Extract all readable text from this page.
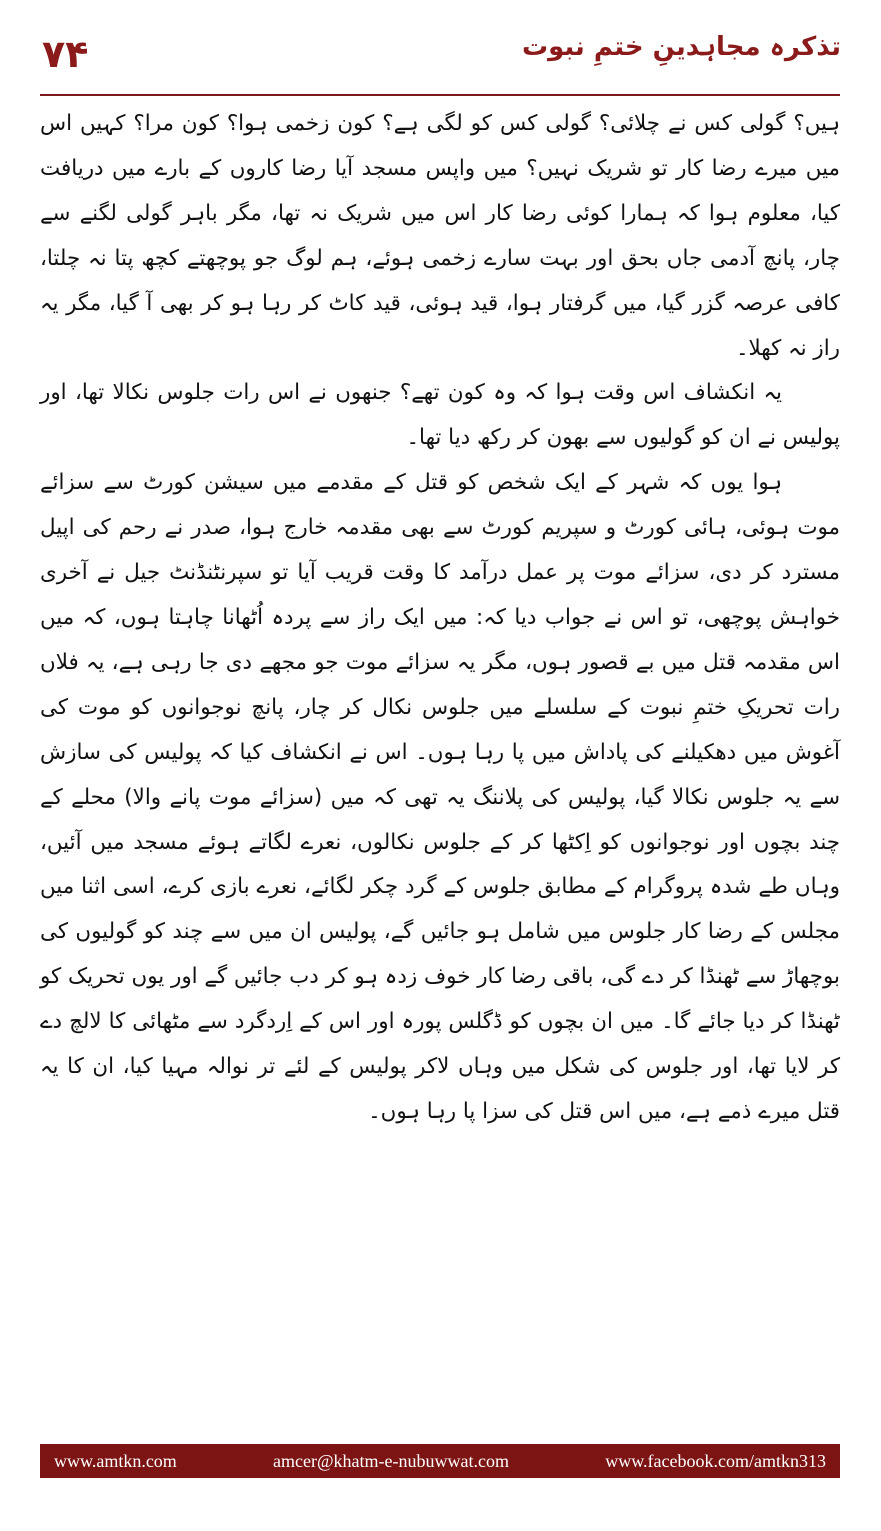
۷۴	تذکرہ مجاہدینِ ختمِ نبوت

ہیں؟ گولی کس نے چلائی؟ گولی کس کو لگی ہے؟ کون زخمی ہوا؟ کون مرا؟ کہیں اس میں میرے رضا کار تو شریک نہیں؟ میں واپس مسجد آیا رضا کاروں کے بارے میں دریافت کیا، معلوم ہوا کہ ہمارا کوئی رضا کار اس میں شریک نہ تھا، مگر باہر گولی لگنے سے چار، پانچ آدمی جاں بحق اور بہت سارے زخمی ہوئے، ہم لوگ جو پوچھتے کچھ پتا نہ چلتا، کافی عرصہ گزر گیا، میں گرفتار ہوا، قید ہوئی، قید کاٹ کر رہا ہو کر بھی آ گیا، مگر یہ راز نہ کھلا۔

یہ انکشاف اس وقت ہوا کہ وہ کون تھے؟ جنھوں نے اس رات جلوس نکالا تھا، اور پولیس نے ان کو گولیوں سے بھون کر رکھ دیا تھا۔

ہوا یوں کہ شہر کے ایک شخص کو قتل کے مقدمے میں سیشن کورٹ سے سزائے موت ہوئی، ہائی کورٹ و سپریم کورٹ سے بھی مقدمہ خارج ہوا، صدر نے رحم کی اپیل مسترد کر دی، سزائے موت پر عمل درآمد کا وقت قریب آیا تو سپرنٹنڈنٹ جیل نے آخری خواہش پوچھی، تو اس نے جواب دیا کہ: میں ایک راز سے پردہ اُٹھانا چاہتا ہوں، کہ میں اس مقدمہ قتل میں بے قصور ہوں، مگر یہ سزائے موت جو مجھے دی جا رہی ہے، یہ فلاں رات تحریکِ ختمِ نبوت کے سلسلے میں جلوس نکال کر چار، پانچ نوجوانوں کو موت کی آغوش میں دھکیلنے کی پاداش میں پا رہا ہوں۔ اس نے انکشاف کیا کہ پولیس کی سازش سے یہ جلوس نکالا گیا، پولیس کی پلاننگ یہ تھی کہ میں (سزائے موت پانے والا) محلے کے چند بچوں اور نوجوانوں کو اِکٹھا کر کے جلوس نکالوں، نعرے لگاتے ہوئے مسجد میں آئیں، وہاں طے شدہ پروگرام کے مطابق جلوس کے گرد چکر لگائے، نعرے بازی کرے، اسی اثنا میں مجلس کے رضا کار جلوس میں شامل ہو جائیں گے، پولیس ان میں سے چند کو گولیوں کی بوچھاڑ سے ٹھنڈا کر دے گی، باقی رضا کار خوف زدہ ہو کر دب جائیں گے اور یوں تحریک کو ٹھنڈا کر دیا جائے گا۔ میں ان بچوں کو ڈگلس پورہ اور اس کے اِردگرد سے مٹھائی کا لالچ دے کر لایا تھا، اور جلوس کی شکل میں وہاں لاکر پولیس کے لئے تر نوالہ مہیا کیا، ان کا یہ قتل میرے ذمے ہے، میں اس قتل کی سزا پا رہا ہوں۔

www.amtkn.com	amcer@khatm-e-nubuwwat.com	www.facebook.com/amtkn313
